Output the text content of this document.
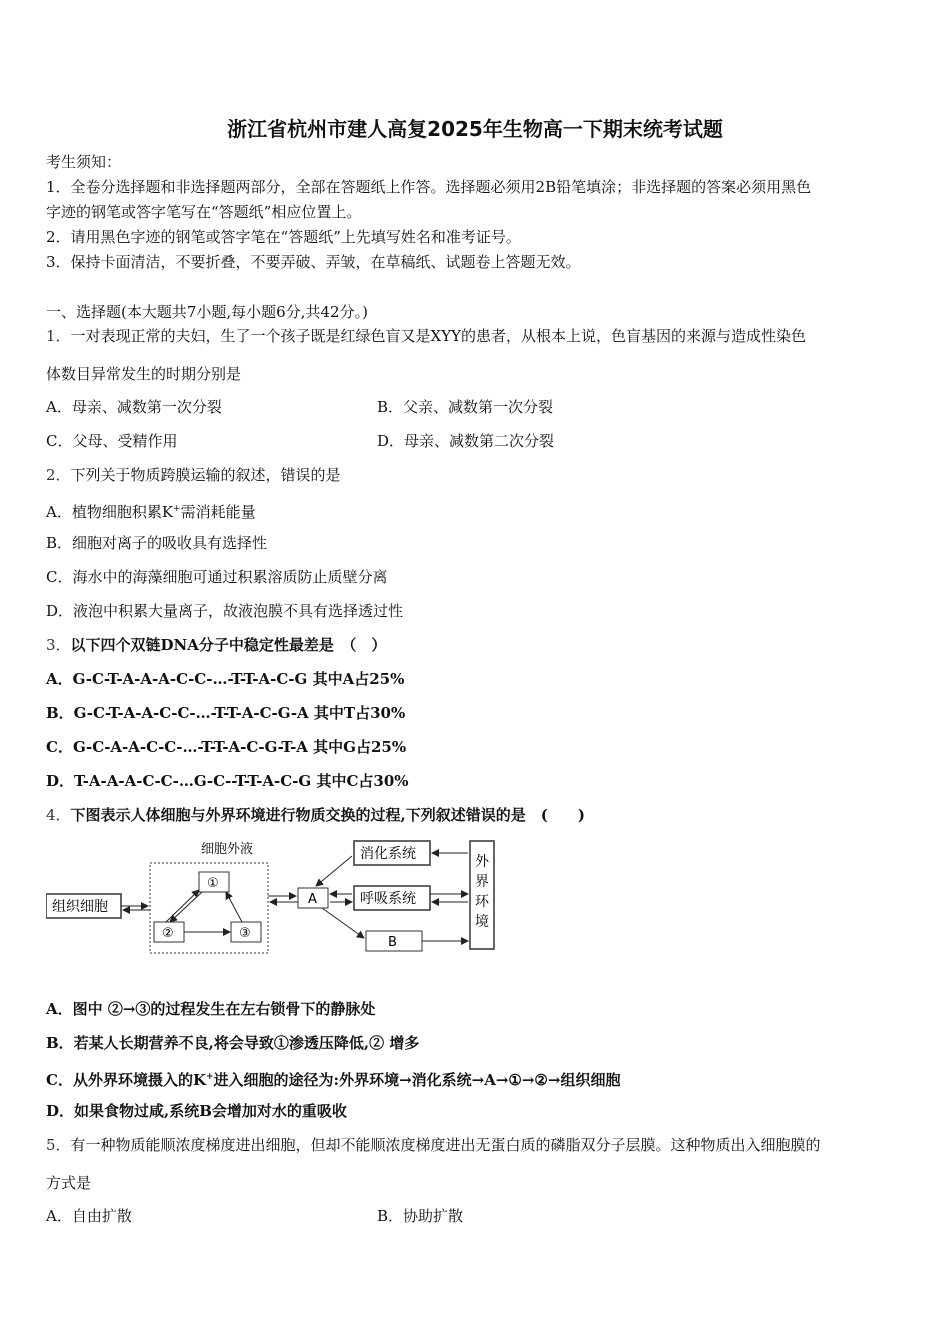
浙江省杭州市建人高复2025年生物高一下期末统考试题
考生须知：
1．全卷分选择题和非选择题两部分，全部在答题纸上作答。选择题必须用2B铅笔填涂；非选择题的答案必须用黑色
字迹的钢笔或答字笔写在“答题纸”相应位置上。
2．请用黑色字迹的钢笔或答字笔在“答题纸”上先填写姓名和准考证号。
3．保持卡面清洁，不要折叠，不要弄破、弄皱，在草稿纸、试题卷上答题无效。
一、选择题(本大题共7小题,每小题6分,共42分。)
1．一对表现正常的夫妇，生了一个孩子既是红绿色盲又是XYY的患者，从根本上说，色盲基因的来源与造成性染色
体数目异常发生的时期分别是
A．母亲、减数第一次分裂	B．父亲、减数第一次分裂
C．父母、受精作用	D．母亲、减数第二次分裂
2．下列关于物质跨膜运输的叙述，错误的是
A．植物细胞积累K+需消耗能量
B．细胞对离子的吸收具有选择性
C．海水中的海藻细胞可通过积累溶质防止质壁分离
D．液泡中积累大量离子，故液泡膜不具有选择透过性
3．以下四个双链DNA分子中稳定性最差是　（　）
A．G-C-T-A-A-A-C-C-…-T-T-A-C-G 其中A占25%
B．G-C-T-A-A-C-C-…-T-T-A-C-G-A 其中T占30%
C．G-C-A-A-C-C-…-T-T-A-C-G-T-A 其中G占25%
D．T-A-A-A-C-C-…G-C--T-T-A-C-G 其中C占30%
4．下图表示人体细胞与外界环境进行物质交换的过程,下列叙述错误的是　(　　)
细胞外液
组织细胞
①
②	③
A
消化系统
呼吸系统
B
外 界 环 境
A．图中 ②→③的过程发生在左右锁骨下的静脉处
B．若某人长期营养不良,将会导致①渗透压降低,② 增多
C．从外界环境摄入的K+进入细胞的途径为:外界环境→消化系统→A→①→②→组织细胞
D．如果食物过咸,系统B会增加对水的重吸收
5．有一种物质能顺浓度梯度进出细胞，但却不能顺浓度梯度进出无蛋白质的磷脂双分子层膜。这种物质出入细胞膜的
方式是
A．自由扩散	B．协助扩散
